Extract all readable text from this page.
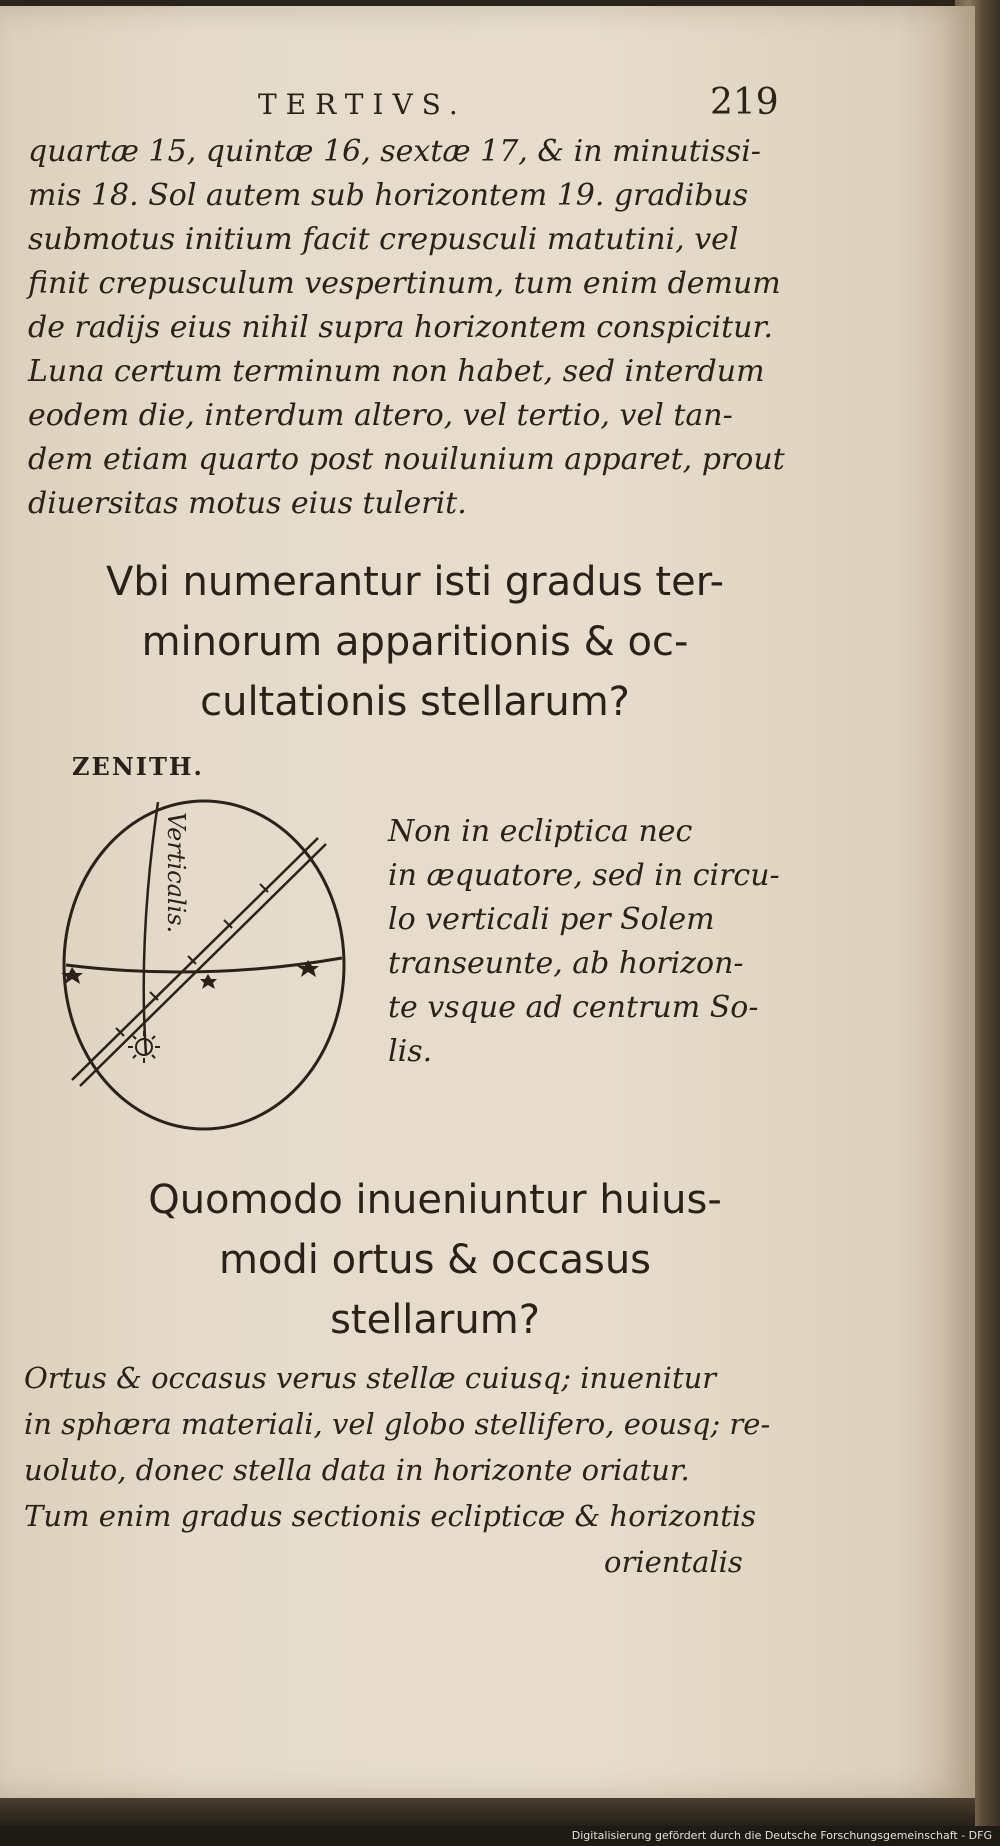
TERTIVS.	219
quartæ 15, quintæ 16, sextæ 17, & in minutissi-
mis 18. Sol autem sub horizontem 19. gradibus
submotus initium facit crepusculi matutini, vel
finit crepusculum vespertinum, tum enim demum
de radijs eius nihil supra horizontem conspicitur.
Luna certum terminum non habet, sed interdum
eodem die, interdum altero, vel tertio, vel tan-
dem etiam quarto post nouilunium apparet, prout
diuersitas motus eius tulerit.
Vbi numerantur isti gradus ter-
minorum apparitionis & oc-
cultationis stellarum?
ZENITH.
Verticalis.	Non in ecliptica nec
in æquatore, sed in circu-
lo verticali per Solem
transeunte, ab horizon-
te vsque ad centrum So-
lis.
Quomodo inueniuntur huius-
modi ortus & occasus
stellarum?
Ortus & occasus verus stellæ cuiusq; inuenitur
in sphæra materiali, vel globo stellifero, eousq; re-
uoluto, donec stella data in horizonte oriatur.
Tum enim gradus sectionis eclipticæ & horizontis
orientalis
Digitalisierung gefördert durch die Deutsche Forschungsgemeinschaft - DFG
